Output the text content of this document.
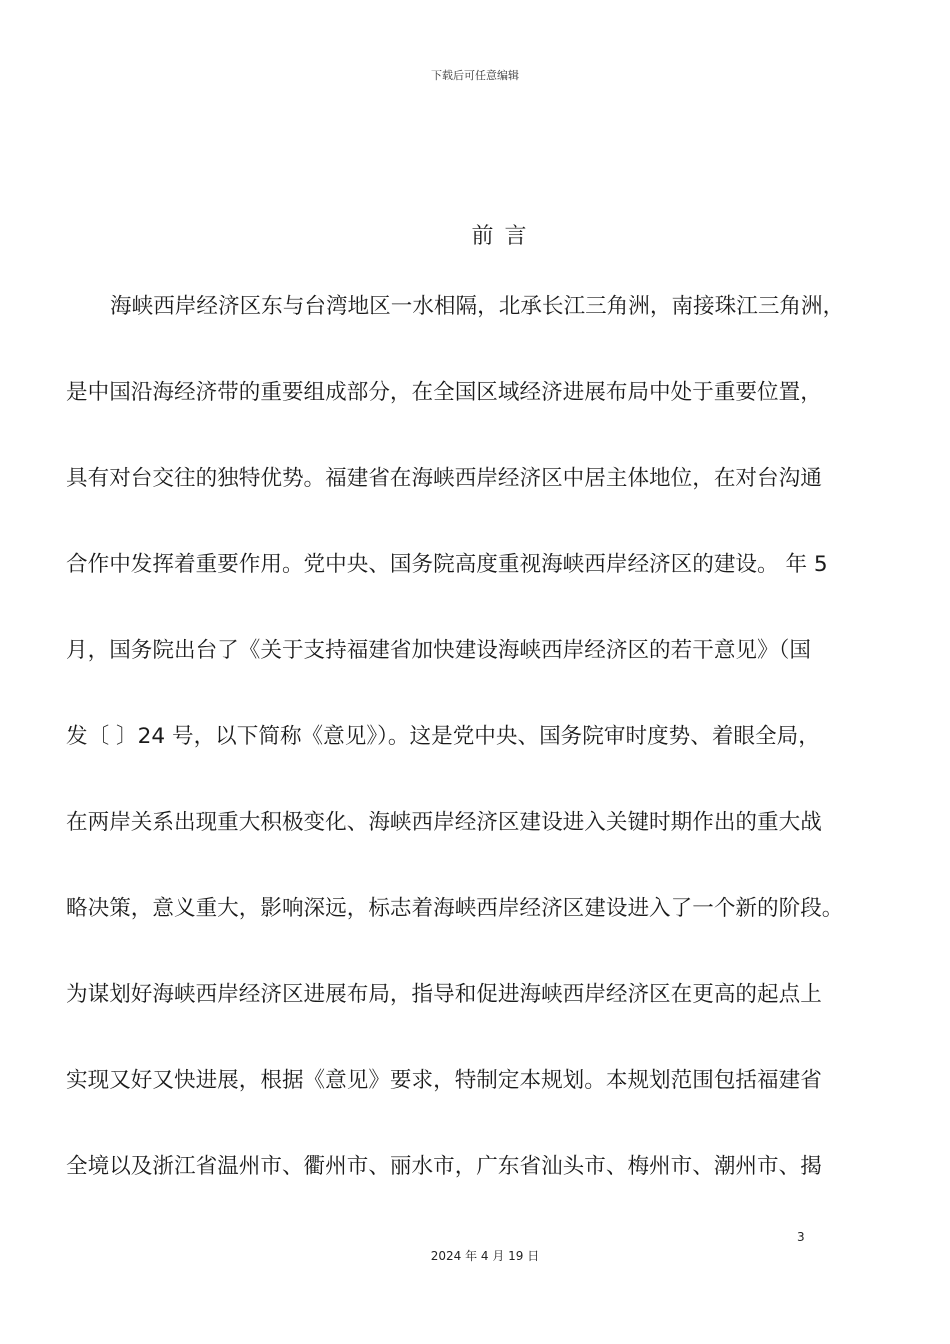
下载后可任意编辑
前 言
海峡西岸经济区东与台湾地区一水相隔，北承长江三角洲，南接珠江三角洲，
是中国沿海经济带的重要组成部分，在全国区域经济进展布局中处于重要位置，
具有对台交往的独特优势。福建省在海峡西岸经济区中居主体地位，在对台沟通
合作中发挥着重要作用。党中央、国务院高度重视海峡西岸经济区的建设。 年 5
月，国务院出台了《关于支持福建省加快建设海峡西岸经济区的若干意见》（国
发〔 〕24 号，以下简称《意见》）。这是党中央、国务院审时度势、着眼全局，
在两岸关系出现重大积极变化、海峡西岸经济区建设进入关键时期作出的重大战
略决策，意义重大，影响深远，标志着海峡西岸经济区建设进入了一个新的阶段。
为谋划好海峡西岸经济区进展布局，指导和促进海峡西岸经济区在更高的起点上
实现又好又快进展，根据《意见》要求，特制定本规划。本规划范围包括福建省
全境以及浙江省温州市、衢州市、丽水市，广东省汕头市、梅州市、潮州市、揭
3
2024 年 4 月 19 日
